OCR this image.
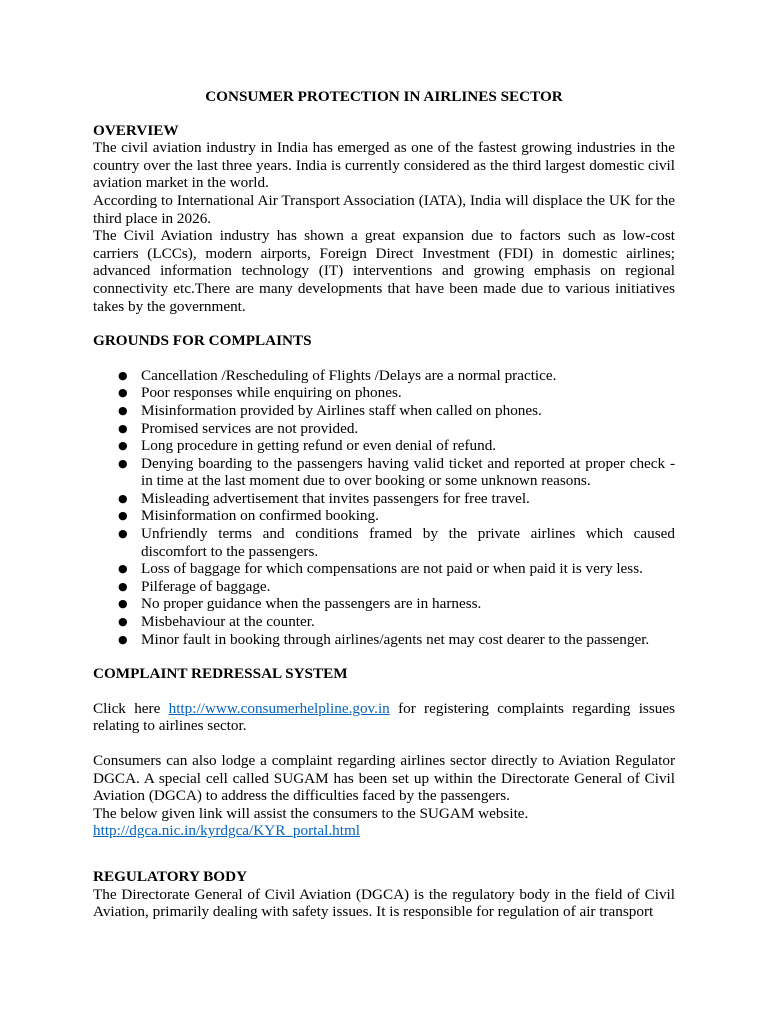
CONSUMER PROTECTION IN AIRLINES SECTOR
OVERVIEW

The civil aviation industry in India has emerged as one of the fastest growing industries in the country over the last three years. India is currently considered as the third largest domestic civil aviation market in the world.

According to International Air Transport Association (IATA), India will displace the UK for the third place in 2026.

The Civil Aviation industry has shown a great expansion due to factors such as low-cost carriers (LCCs), modern airports, Foreign Direct Investment (FDI) in domestic airlines; advanced information technology (IT) interventions and growing emphasis on regional connectivity etc.There are many developments that have been made due to various initiatives takes by the government.

GROUNDS FOR COMPLAINTS
● Cancellation /Rescheduling of Flights /Delays are a normal practice.
● Poor responses while enquiring on phones.
● Misinformation provided by Airlines staff when called on phones.
● Promised services are not provided.
● Long procedure in getting refund or even denial of refund.
● Denying boarding to the passengers having valid ticket and reported at proper check - in time at the last moment due to over booking or some unknown reasons.
● Misleading advertisement that invites passengers for free travel.
● Misinformation on confirmed booking.
● Unfriendly terms and conditions framed by the private airlines which caused discomfort to the passengers.
● Loss of baggage for which compensations are not paid or when paid it is very less.
● Pilferage of baggage.
● No proper guidance when the passengers are in harness.
● Misbehaviour at the counter.
● Minor fault in booking through airlines/agents net may cost dearer to the passenger.
COMPLAINT REDRESSAL SYSTEM

Click here http://www.consumerhelpline.gov.in for registering complaints regarding issues relating to airlines sector.

Consumers can also lodge a complaint regarding airlines sector directly to Aviation Regulator DGCA. A special cell called SUGAM has been set up within the Directorate General of Civil Aviation (DGCA) to address the difficulties faced by the passengers.

The below given link will assist the consumers to the SUGAM website.

http://dgca.nic.in/kyrdgca/KYR_portal.html

REGULATORY BODY

The Directorate General of Civil Aviation (DGCA) is the regulatory body in the field of Civil Aviation, primarily dealing with safety issues. It is responsible for regulation of air transport
